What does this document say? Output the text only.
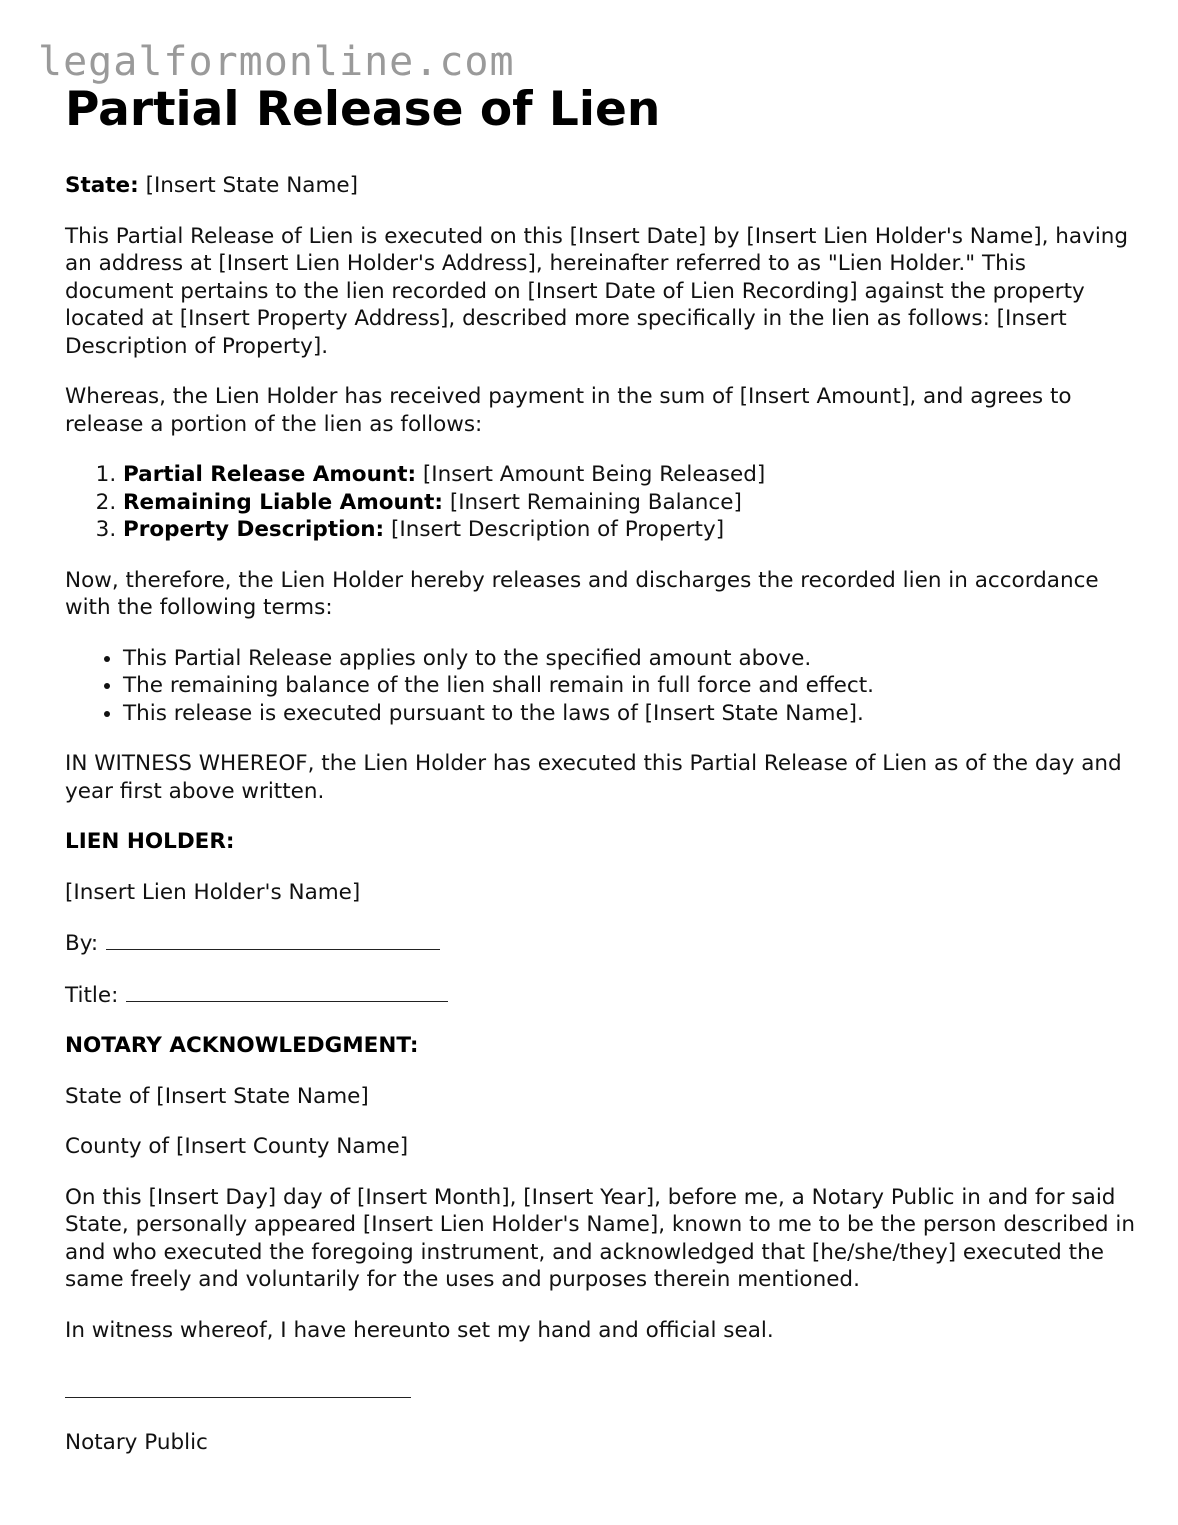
legalformonline.com
Partial Release of Lien

State: [Insert State Name]

This Partial Release of Lien is executed on this [Insert Date] by [Insert Lien Holder's Name], having an address at [Insert Lien Holder's Address], hereinafter referred to as "Lien Holder." This document pertains to the lien recorded on [Insert Date of Lien Recording] against the property located at [Insert Property Address], described more specifically in the lien as follows: [Insert Description of Property].

Whereas, the Lien Holder has received payment in the sum of [Insert Amount], and agrees to release a portion of the lien as follows:

1. Partial Release Amount: [Insert Amount Being Released]
2. Remaining Liable Amount: [Insert Remaining Balance]
3. Property Description: [Insert Description of Property]

Now, therefore, the Lien Holder hereby releases and discharges the recorded lien in accordance with the following terms:

• This Partial Release applies only to the specified amount above.
• The remaining balance of the lien shall remain in full force and effect.
• This release is executed pursuant to the laws of [Insert State Name].

IN WITNESS WHEREOF, the Lien Holder has executed this Partial Release of Lien as of the day and year first above written.

LIEN HOLDER:

[Insert Lien Holder's Name]

By:

Title:

NOTARY ACKNOWLEDGMENT:

State of [Insert State Name]

County of [Insert County Name]

On this [Insert Day] day of [Insert Month], [Insert Year], before me, a Notary Public in and for said State, personally appeared [Insert Lien Holder's Name], known to me to be the person described in and who executed the foregoing instrument, and acknowledged that [he/she/they] executed the same freely and voluntarily for the uses and purposes therein mentioned.

In witness whereof, I have hereunto set my hand and official seal.

Notary Public
